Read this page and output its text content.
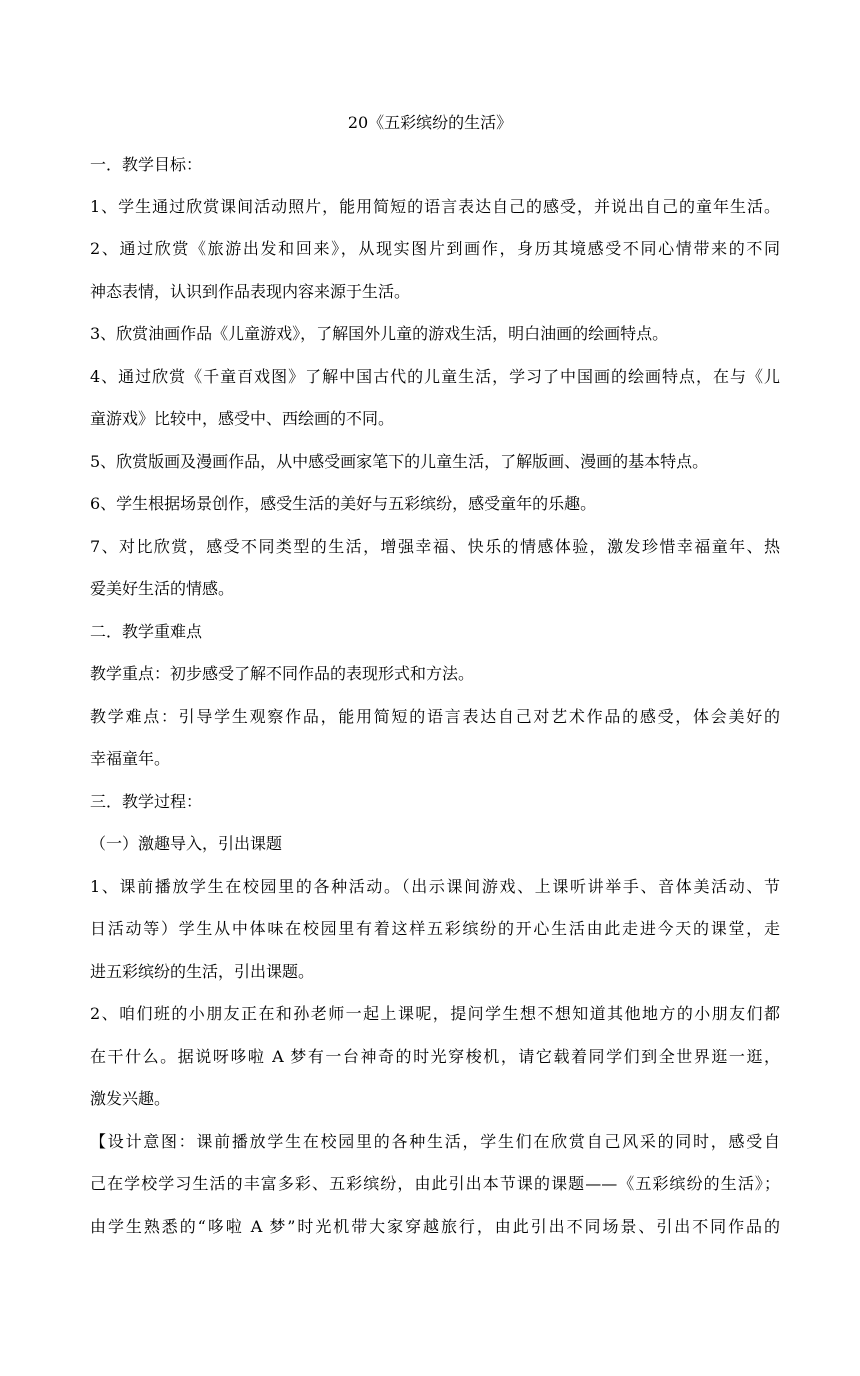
20《五彩缤纷的生活》
一．教学目标：
1、学生通过欣赏课间活动照片，能用简短的语言表达自己的感受，并说出自己的童年生活。
2、通过欣赏《旅游出发和回来》，从现实图片到画作，身历其境感受不同心情带来的不同
神态表情，认识到作品表现内容来源于生活。
3、欣赏油画作品《儿童游戏》，了解国外儿童的游戏生活，明白油画的绘画特点。
4、通过欣赏《千童百戏图》了解中国古代的儿童生活，学习了中国画的绘画特点，在与《儿
童游戏》比较中，感受中、西绘画的不同。
5、欣赏版画及漫画作品，从中感受画家笔下的儿童生活，了解版画、漫画的基本特点。
6、学生根据场景创作，感受生活的美好与五彩缤纷，感受童年的乐趣。
7、对比欣赏，感受不同类型的生活，增强幸福、快乐的情感体验，激发珍惜幸福童年、热
爱美好生活的情感。
二．教学重难点
教学重点：初步感受了解不同作品的表现形式和方法。
教学难点：引导学生观察作品，能用简短的语言表达自己对艺术作品的感受，体会美好的
幸福童年。
三．教学过程：
（一）激趣导入，引出课题
1、课前播放学生在校园里的各种活动。（出示课间游戏、上课听讲举手、音体美活动、节
日活动等）学生从中体味在校园里有着这样五彩缤纷的开心生活由此走进今天的课堂，走
进五彩缤纷的生活，引出课题。
2、咱们班的小朋友正在和孙老师一起上课呢，提问学生想不想知道其他地方的小朋友们都
在干什么。据说呀哆啦 A 梦有一台神奇的时光穿梭机，请它载着同学们到全世界逛一逛，
激发兴趣。
【设计意图：课前播放学生在校园里的各种生活，学生们在欣赏自己风采的同时，感受自
己在学校学习生活的丰富多彩、五彩缤纷，由此引出本节课的课题——《五彩缤纷的生活》；
由学生熟悉的“哆啦 A 梦”时光机带大家穿越旅行，由此引出不同场景、引出不同作品的
